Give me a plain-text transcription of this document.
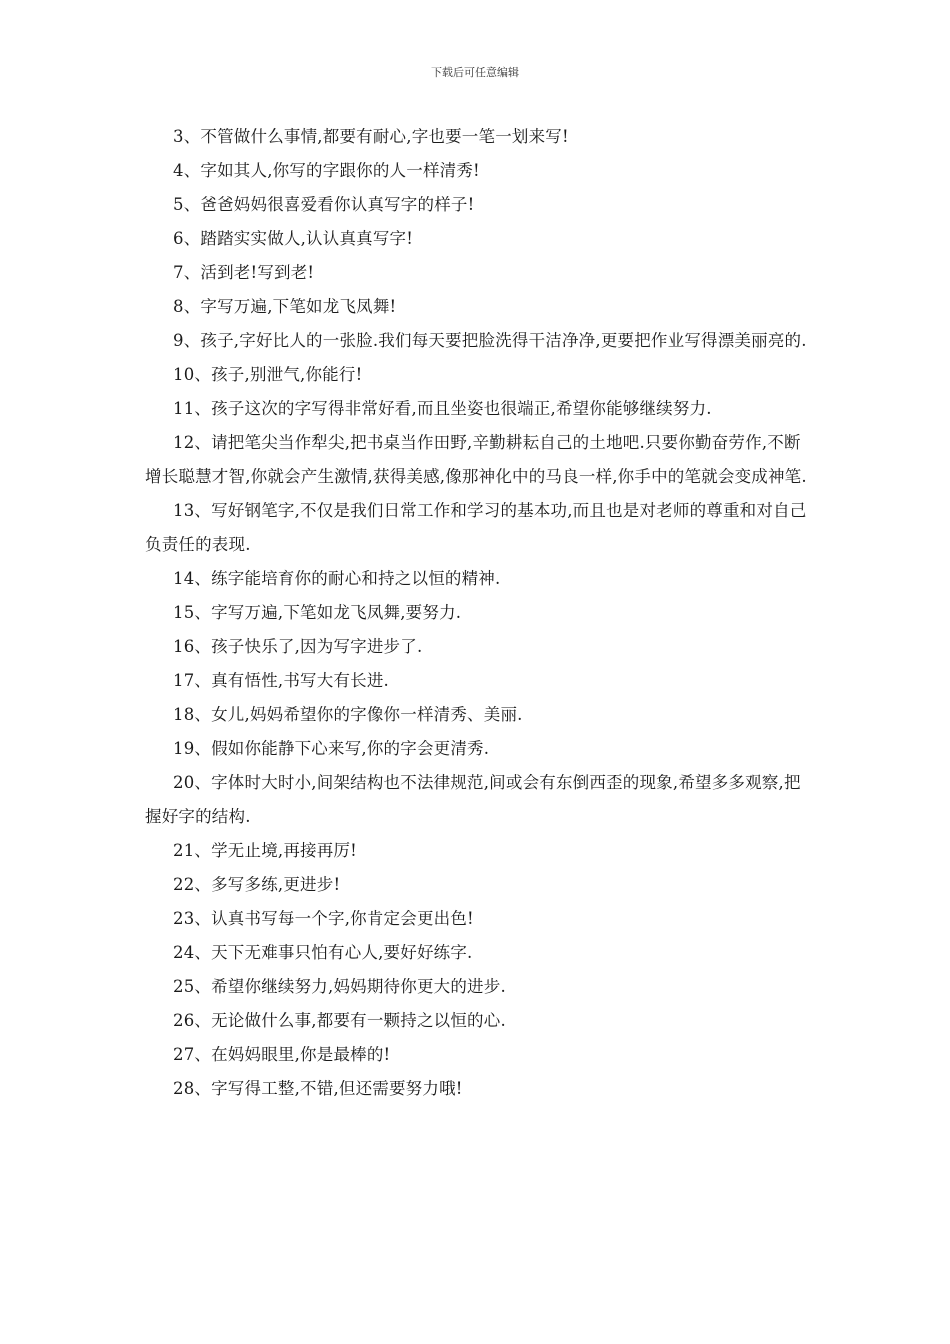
下载后可任意编辑

3、不管做什么事情,都要有耐心,字也要一笔一划来写!

4、字如其人,你写的字跟你的人一样清秀!

5、爸爸妈妈很喜爱看你认真写字的样子!

6、踏踏实实做人,认认真真写字!

7、活到老!写到老!

8、字写万遍,下笔如龙飞凤舞!

9、孩子,字好比人的一张脸.我们每天要把脸洗得干洁净净,更要把作业写得漂美丽亮的.

10、孩子,别泄气,你能行!

11、孩子这次的字写得非常好看,而且坐姿也很端正,希望你能够继续努力.

12、请把笔尖当作犁尖,把书桌当作田野,辛勤耕耘自己的土地吧.只要你勤奋劳作,不断增长聪慧才智,你就会产生激情,获得美感,像那神化中的马良一样,你手中的笔就会变成神笔.

13、写好钢笔字,不仅是我们日常工作和学习的基本功,而且也是对老师的尊重和对自己负责任的表现.

14、练字能培育你的耐心和持之以恒的精神.

15、字写万遍,下笔如龙飞凤舞,要努力.

16、孩子快乐了,因为写字进步了.

17、真有悟性,书写大有长进.

18、女儿,妈妈希望你的字像你一样清秀、美丽.

19、假如你能静下心来写,你的字会更清秀.

20、字体时大时小,间架结构也不法律规范,间或会有东倒西歪的现象,希望多多观察,把握好字的结构.

21、学无止境,再接再厉!

22、多写多练,更进步!

23、认真书写每一个字,你肯定会更出色!

24、天下无难事只怕有心人,要好好练字.

25、希望你继续努力,妈妈期待你更大的进步.

26、无论做什么事,都要有一颗持之以恒的心.

27、在妈妈眼里,你是最棒的!

28、字写得工整,不错,但还需要努力哦!
